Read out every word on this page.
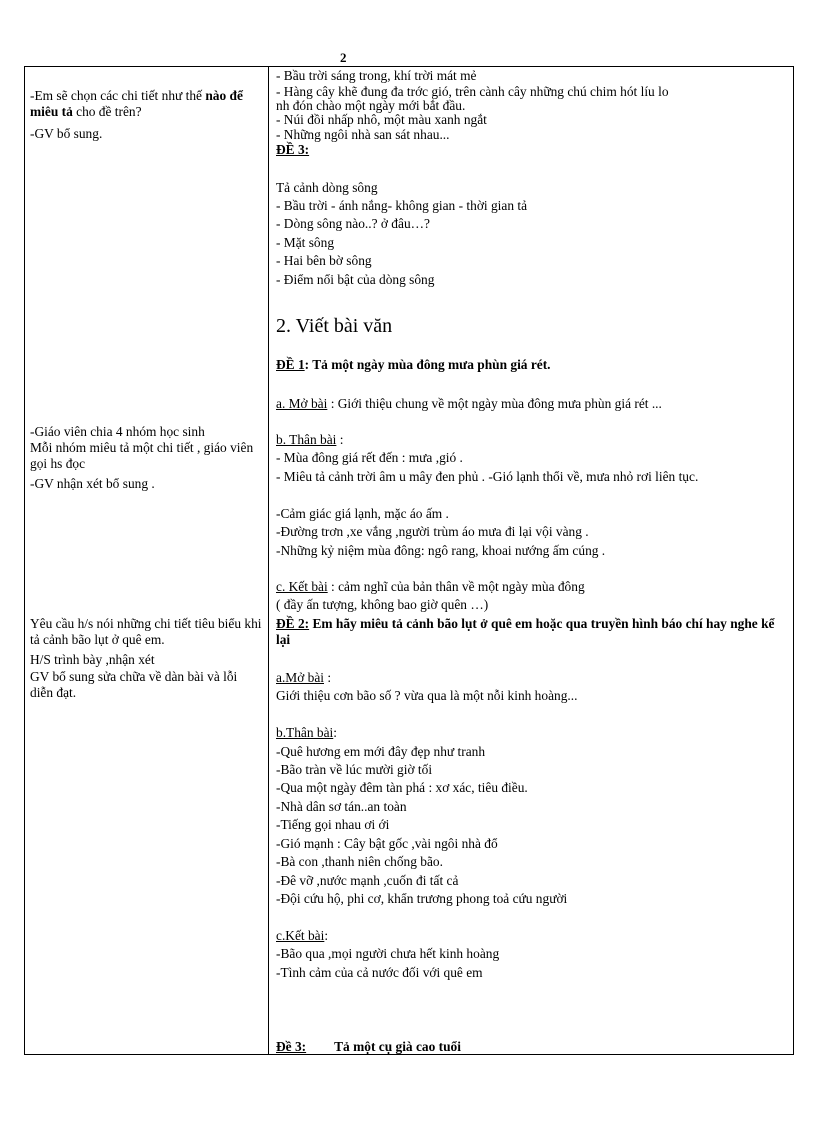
2
-Em sẽ chọn các chi tiết như thế nào để miêu tả cho đề trên?
-GV bổ sung.
-Giáo viên chia 4 nhóm học sinh
Mỗi nhóm miêu tả một chi tiết , giáo viên gọi hs đọc
-GV nhận xét bổ sung .
Yêu cầu h/s nói những chi tiết tiêu biểu khi tả cảnh bão lụt ở quê em.
H/S trình bày ,nhận xét
GV bổ sung sửa chữa về dàn bài và lỗi diễn đạt.
- Bầu trời sáng trong, khí trời mát mẻ
- Hàng cây khẽ đung đa trớc gió, trên cành cây những chú chim hót líu lo
nh đón chào một ngày mới bắt đầu.
- Núi đồi nhấp nhô, một màu xanh ngắt
- Những ngôi nhà san sát nhau...
ĐỀ 3:
Tả cảnh dòng sông
- Bầu trời - ánh nắng- không gian - thời gian tả
- Dòng sông nào..? ở đâu…?
- Mặt sông
- Hai bên bờ sông
- Điểm nổi bật của dòng sông
2. Viết bài văn
ĐỀ 1: Tả một ngày mùa đông mưa phùn giá rét.
a. Mở bài : Giới thiệu chung về một ngày mùa đông mưa phùn giá rét ...
b. Thân bài :
- Mùa đông giá rết đến : mưa ,gió .
- Miêu tả cảnh trời âm u mây đen phủ . -Gió lạnh thổi về, mưa nhỏ rơi liên tục.
-Cảm giác giá lạnh, mặc áo ấm .
-Đường trơn ,xe vắng ,người trùm áo mưa đi lại vội vàng .
-Những kỷ niệm mùa đông: ngô rang, khoai nướng ấm cúng .
c. Kết bài : cảm nghĩ của bản thân về một ngày mùa đông
( đầy ấn tượng, không bao giờ quên …)
ĐỀ 2: Em hãy miêu tả cảnh bão lụt ở quê em hoặc qua truyền hình báo chí hay nghe kể lại
a.Mở bài :
Giới thiệu cơn bão số ? vừa qua là một nỗi kinh hoàng...
b.Thân bài:
-Quê hương em mới đây đẹp như tranh
-Bão tràn về lúc mười giờ tối
-Qua một ngày đêm tàn phá : xơ xác, tiêu điều.
-Nhà dân sơ tán..an toàn
-Tiếng gọi nhau ơi ới
-Gió mạnh : Cây bật gốc ,vài ngôi nhà đổ
-Bà con ,thanh niên chống bão.
-Đê vỡ ,nước mạnh ,cuốn đi tất cả
-Đội cứu hộ, phi cơ, khẩn trương phong toả cứu người
c.Kết bài:
-Bão qua ,mọi người chưa hết kinh hoàng
-Tình cảm của cả nước đối với quê em
Đề 3: Tả một cụ già cao tuổi
